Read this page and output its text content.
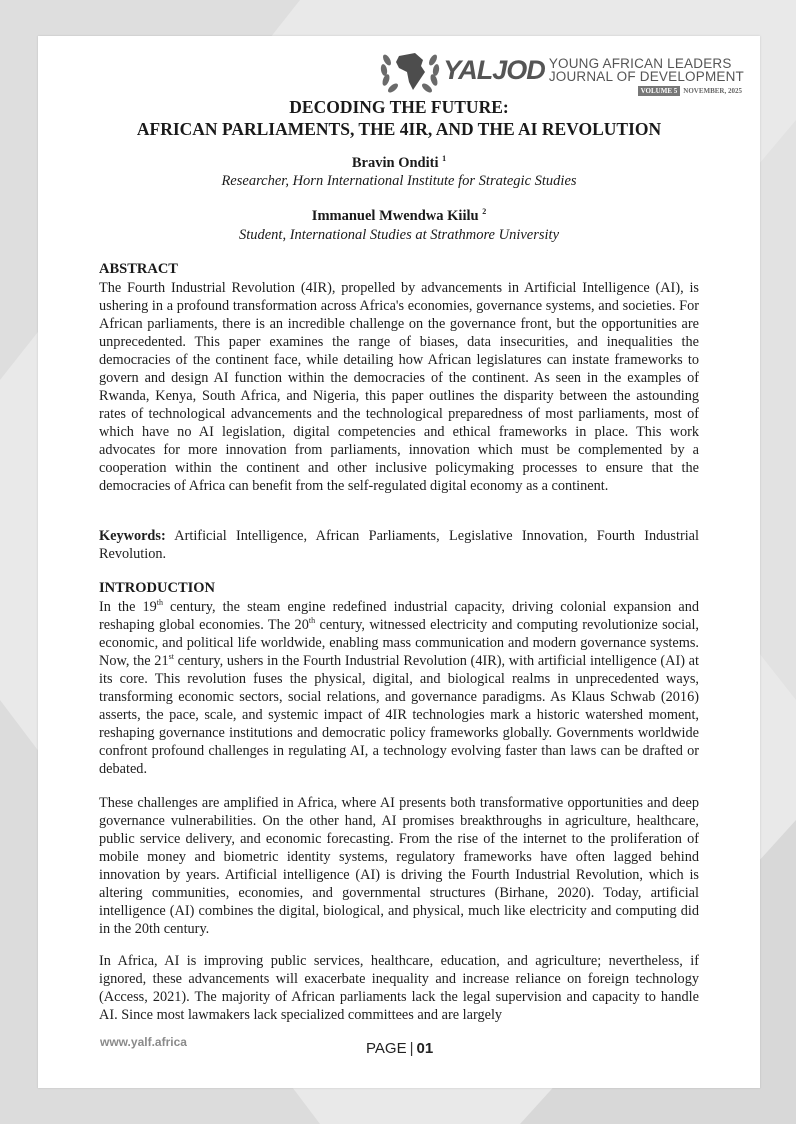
YALJOD YOUNG AFRICAN LEADERS
JOURNAL OF DEVELOPMENT
VOLUME 5 NOVEMBER, 2025
DECODING THE FUTURE:
AFRICAN PARLIAMENTS, THE 4IR, AND THE AI REVOLUTION
Bravin Onditi $^1$
Researcher, Horn International Institute for Strategic Studies
Immanuel Mwendwa Kiilu $^2$
Student, International Studies at Strathmore University
ABSTRACT
The Fourth Industrial Revolution (4IR), propelled by advancements in Artificial Intelligence (AI), is ushering in a profound transformation across Africa's economies, governance systems, and societies. For African parliaments, there is an incredible challenge on the governance front, but the opportunities are unprecedented. This paper examines the range of biases, data insecurities, and inequalities the democracies of the continent face, while detailing how African legislatures can instate frameworks to govern and design AI function within the democracies of the continent. As seen in the examples of Rwanda, Kenya, South Africa, and Nigeria, this paper outlines the disparity between the astounding rates of technological advancements and the technological preparedness of most parliaments, most of which have no AI legislation, digital competencies and ethical frameworks in place. This work advocates for more innovation from parliaments, innovation which must be complemented by a cooperation within the continent and other inclusive policymaking processes to ensure that the democracies of Africa can benefit from the self-regulated digital economy as a continent.
Keywords: Artificial Intelligence, African Parliaments, Legislative Innovation, Fourth Industrial Revolution.
INTRODUCTION
In the 19th century, the steam engine redefined industrial capacity, driving colonial expansion and reshaping global economies. The 20th century, witnessed electricity and computing revolutionize social, economic, and political life worldwide, enabling mass communication and modern governance systems. Now, the 21st century, ushers in the Fourth Industrial Revolution (4IR), with artificial intelligence (AI) at its core. This revolution fuses the physical, digital, and biological realms in unprecedented ways, transforming economic sectors, social relations, and governance paradigms. As Klaus Schwab (2016) asserts, the pace, scale, and systemic impact of 4IR technologies mark a historic watershed moment, reshaping governance institutions and democratic policy frameworks globally. Governments worldwide confront profound challenges in regulating AI, a technology evolving faster than laws can be drafted or debated.
These challenges are amplified in Africa, where AI presents both transformative opportunities and deep governance vulnerabilities. On the other hand, AI promises breakthroughs in agriculture, healthcare, public service delivery, and economic forecasting. From the rise of the internet to the proliferation of mobile money and biometric identity systems, regulatory frameworks have often lagged behind innovation by years. Artificial intelligence (AI) is driving the Fourth Industrial Revolution, which is altering communities, economies, and governmental structures (Birhane, 2020). Today, artificial intelligence (AI) combines the digital, biological, and physical, much like electricity and computing did in the 20th century.
In Africa, AI is improving public services, healthcare, education, and agriculture; nevertheless, if ignored, these advancements will exacerbate inequality and increase reliance on foreign technology (Access, 2021). The majority of African parliaments lack the legal supervision and capacity to handle AI. Since most lawmakers lack specialized committees and are largely
www.yalf.africa	PAGE | 01
